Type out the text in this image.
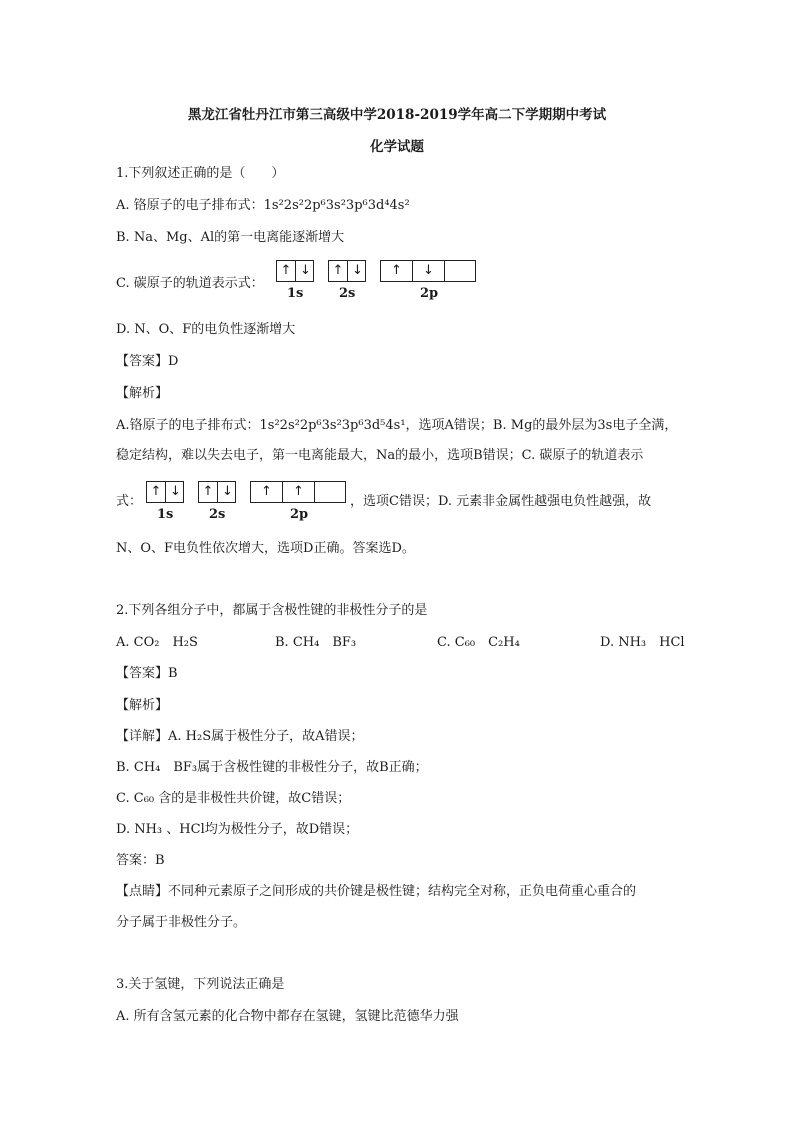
黑龙江省牡丹江市第三高级中学2018-2019学年高二下学期期中考试
化学试题
1.下列叙述正确的是（　　）
A. 铬原子的电子排布式：1s²2s²2p⁶3s²3p⁶3d⁴4s²
B. Na、Mg、Al的第一电离能逐渐增大
C. 碳原子的轨道表示式：
↑ ↓
1s
↑ ↓
2s
↑	↓
2p
D. N、O、F的电负性逐渐增大
【答案】D
【解析】
A.铬原子的电子排布式：1s²2s²2p⁶3s²3p⁶3d⁵4s¹，选项A错误；B. Mg的最外层为3s电子全满，
稳定结构，难以失去电子，第一电离能最大，Na的最小，选项B错误；C. 碳原子的轨道表示
式：
↑ ↓
1s
↑ ↓
2s
↑	↑
2p
，选项C错误；D. 元素非金属性越强电负性越强，故
N、O、F电负性依次增大，选项D正确。答案选D。
2.下列各组分子中，都属于含极性键的非极性分子的是
A. CO₂　H₂S	B. CH₄　BF₃	C. C₆₀　C₂H₄	D. NH₃　HCl
【答案】B
【解析】
【详解】A. H₂S属于极性分子，故A错误；
B. CH₄　BF₃属于含极性键的非极性分子，故B正确；
C. C₆₀ 含的是非极性共价键，故C错误；
D. NH₃ 、HCl均为极性分子，故D错误；
答案：B
【点睛】不同种元素原子之间形成的共价键是极性键；结构完全对称，正负电荷重心重合的
分子属于非极性分子。
3.关于氢键，下列说法正确是
A. 所有含氢元素的化合物中都存在氢键，氢键比范德华力强
